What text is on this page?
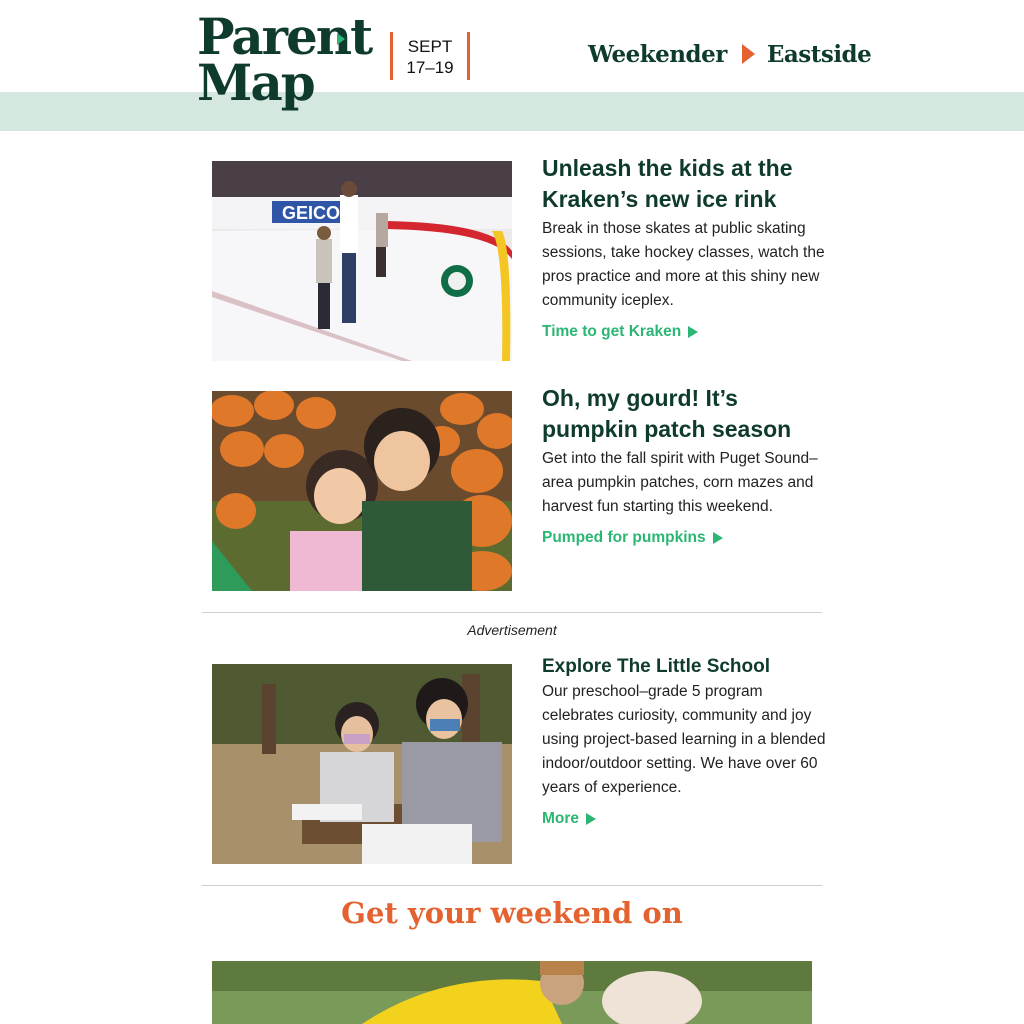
Parent
Map
SEPT
17–19	Weekender Eastside
GEICO
Unleash the kids at the Kraken’s new ice rink

Break in those skates at public skating sessions, take hockey classes, watch the pros practice and more at this shiny new community iceplex.

Time to get Kraken
Oh, my gourd! It’s pumpkin patch season

Get into the fall spirit with Puget Sound–area pumpkin patches, corn mazes and harvest fun starting this weekend.

Pumped for pumpkins
Advertisement
Explore The Little School

Our preschool–grade 5 program celebrates curiosity, community and joy using project-based learning in a blended indoor/outdoor setting. We have over 60 years of experience.

More
Get your weekend on
